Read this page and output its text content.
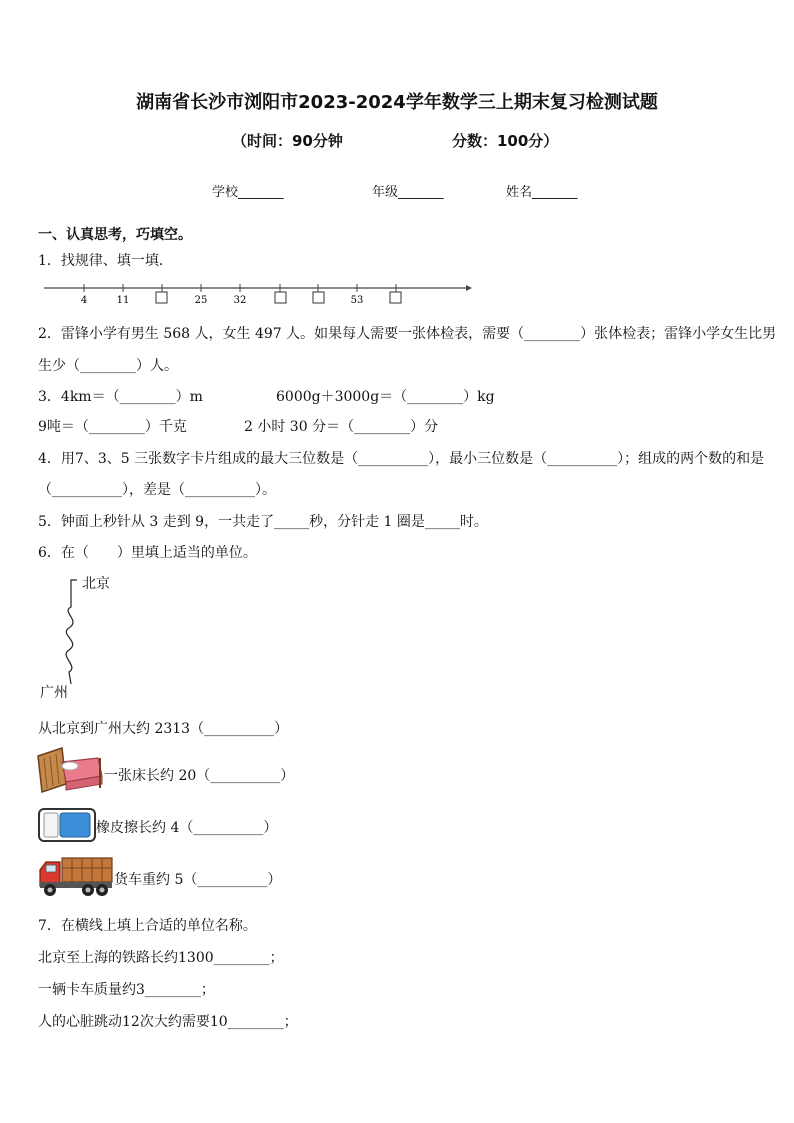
湖南省长沙市浏阳市2023-2024学年数学三上期末复习检测试题
（时间：90分钟	分数：100分）
学校_______	年级_______	姓名_______
一、认真思考，巧填空。
1．找规律、填一填．
4	11	25	32	53
2．雷锋小学有男生 568 人，女生 497 人。如果每人需要一张体检表，需要（________）张体检表；雷锋小学女生比男
生少（________）人。
3．4km＝（________）m	6000g＋3000g＝（________）kg
9吨＝（________）千克	2 小时 30 分＝（________）分
4．用7、3、5 三张数字卡片组成的最大三位数是（__________），最小三位数是（__________）；组成的两个数的和是
（__________），差是（__________）。
5．钟面上秒针从 3 走到 9，一共走了_____秒，分针走 1 圈是_____时。
6．在（　　）里填上适当的单位。
北京
广州
从北京到广州大约 2313（__________）
一张床长约 20（__________）
橡皮擦长约 4（__________）
货车重约 5（__________）
7．在横线上填上合适的单位名称。
北京至上海的铁路长约1300________；
一辆卡车质量约3________；
人的心脏跳动12次大约需要10________；
